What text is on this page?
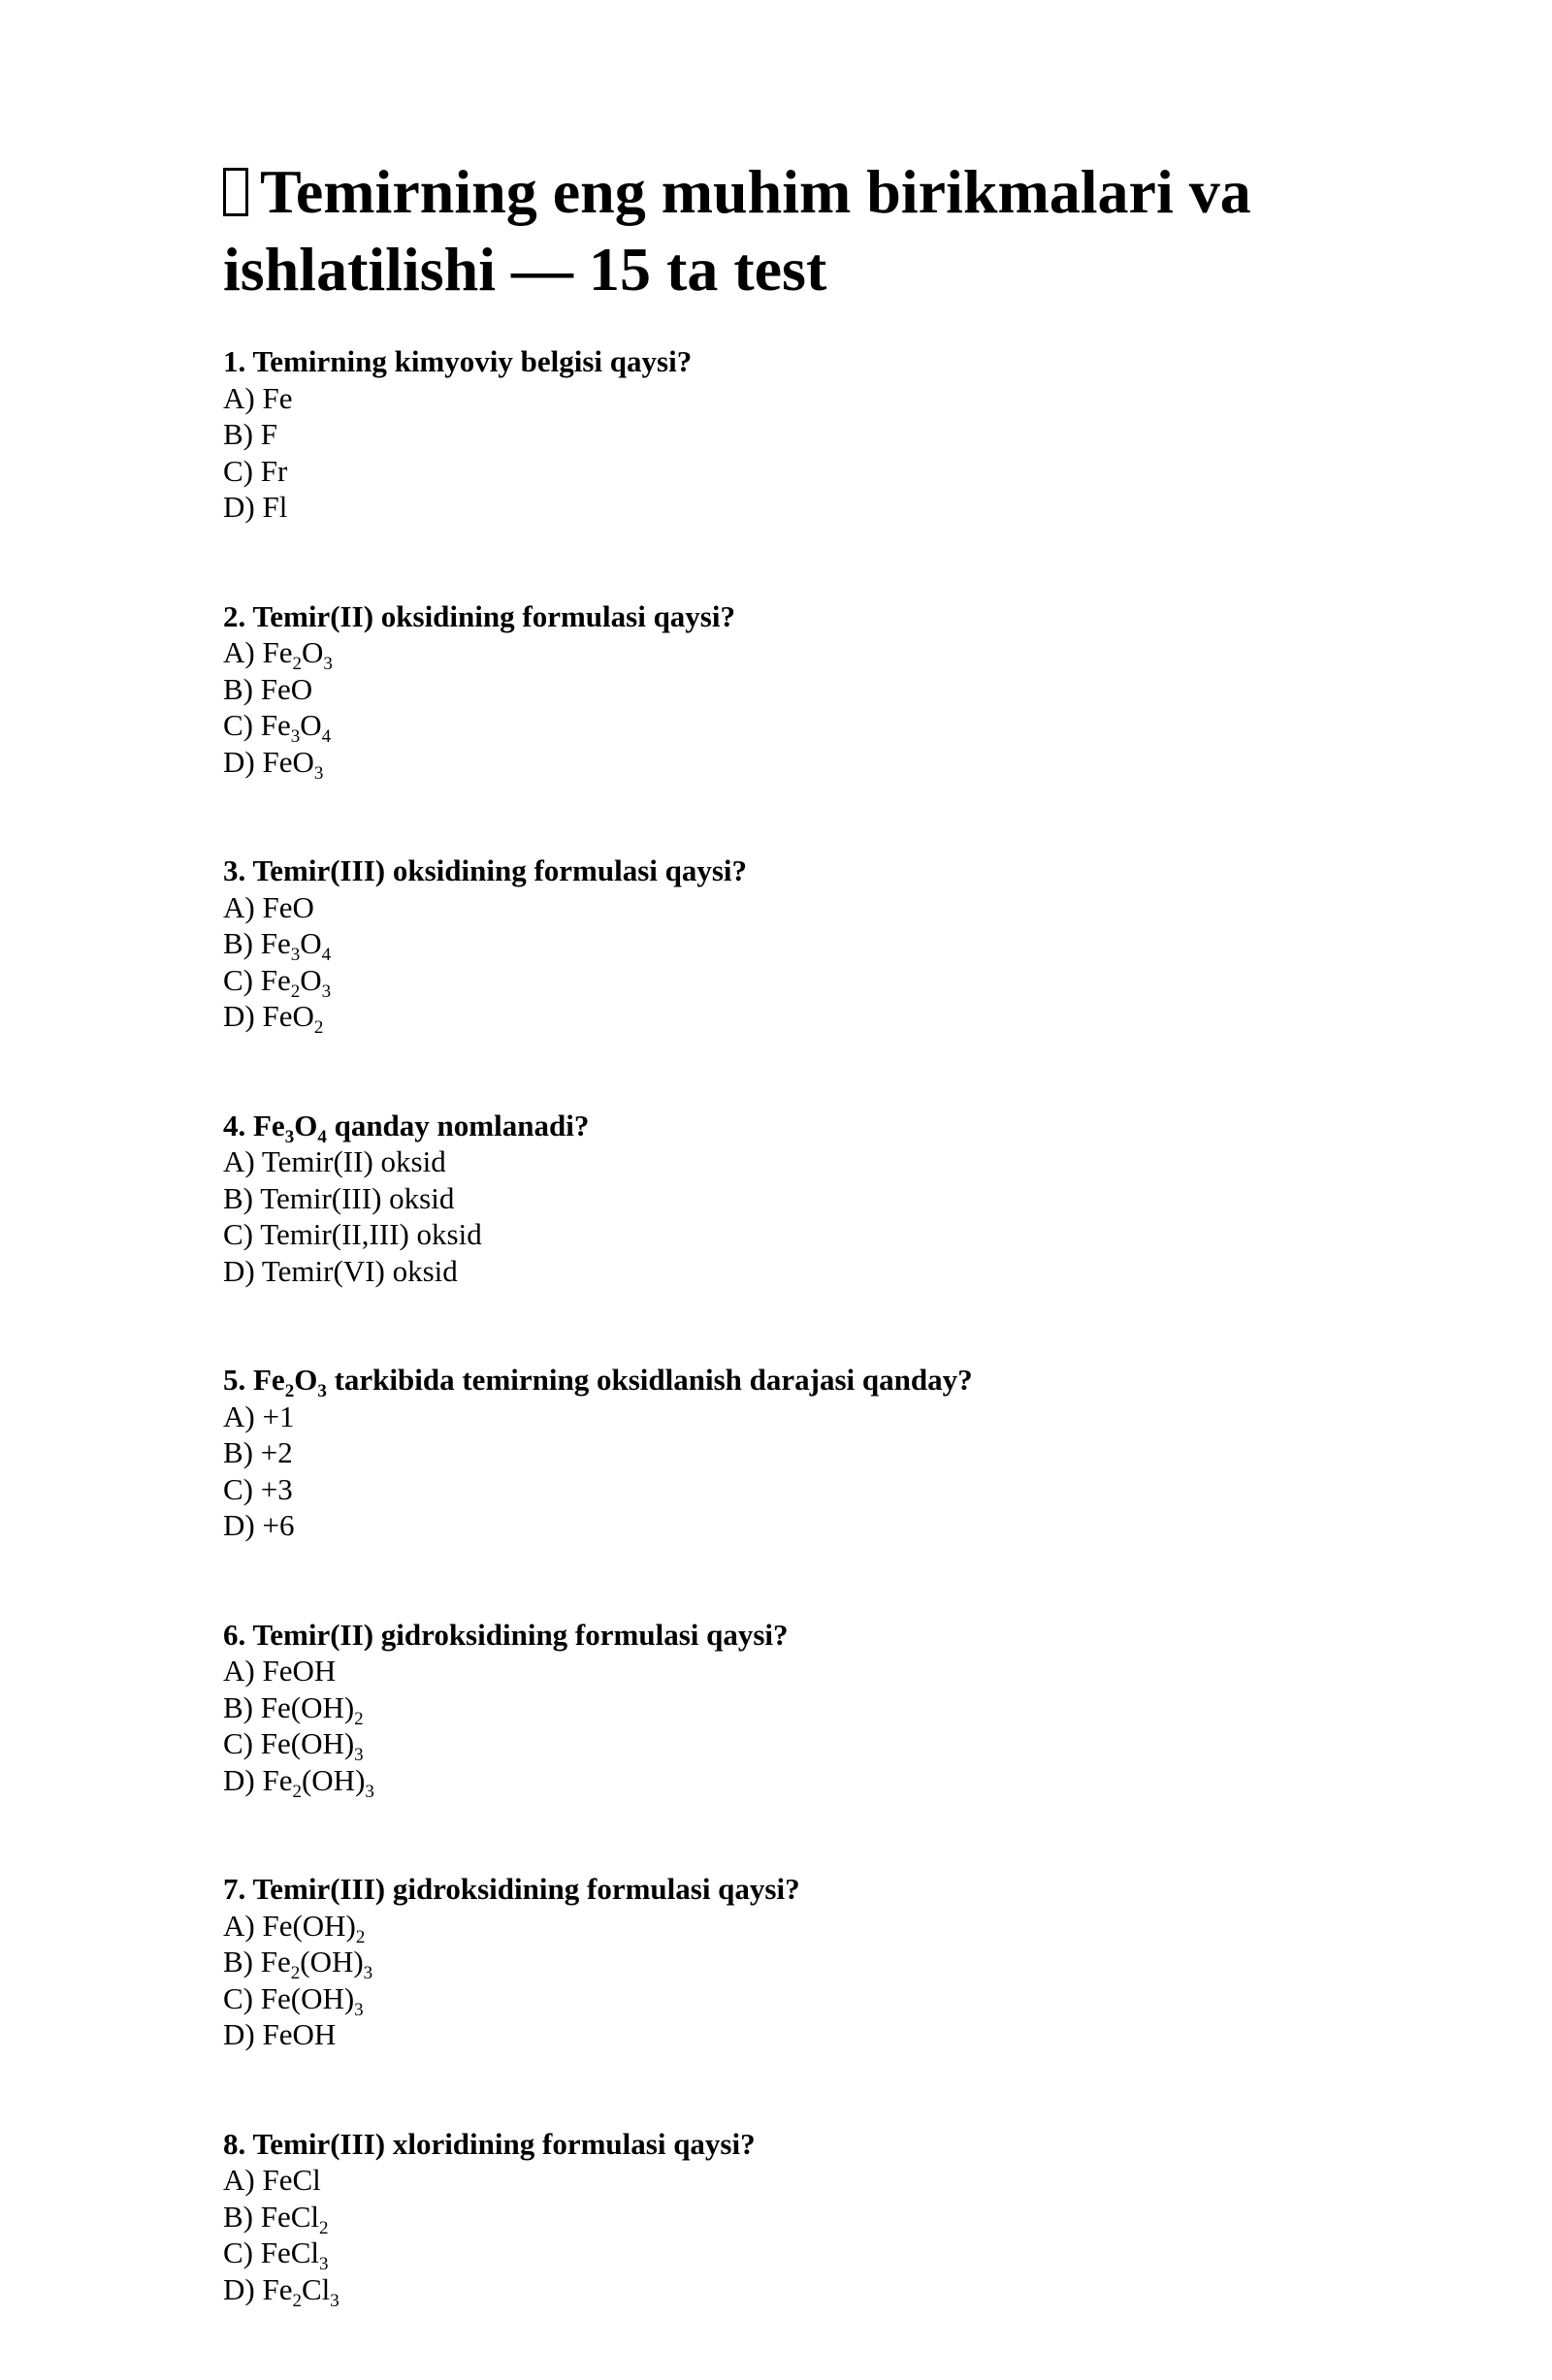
Temirning eng muhim birikmalari va ishlatilishi — 15 ta test
1. Temirning kimyoviy belgisi qaysi?
A) Fe
B) F
C) Fr
D) Fl
2. Temir(II) oksidining formulasi qaysi?
A) $Fe_2O_3$
B) FeO
C) $Fe_3O_4$
D) FeO$_3$
3. Temir(III) oksidining formulasi qaysi?
A) FeO
B) $Fe_3O_4$
C) $Fe_2O_3$
D) FeO$_2$
4. $Fe_3O_4$ qanday nomlanadi?
A) Temir(II) oksid
B) Temir(III) oksid
C) Temir(II,III) oksid
D) Temir(VI) oksid
5. $Fe_2O_3$ tarkibida temirning oksidlanish darajasi qanday?
A) +1
B) +2
C) +3
D) +6
6. Temir(II) gidroksidining formulasi qaysi?
A) FeOH
B) $Fe(OH)_2$
C) $Fe(OH)_3$
D) $Fe_2(OH)_3$
7. Temir(III) gidroksidining formulasi qaysi?
A) $Fe(OH)_2$
B) $Fe_2(OH)_3$
C) $Fe(OH)_3$
D) FeOH
8. Temir(III) xloridining formulasi qaysi?
A) FeCl
B) FeCl$_2$
C) FeCl$_3$
D) $Fe_2Cl_3$
